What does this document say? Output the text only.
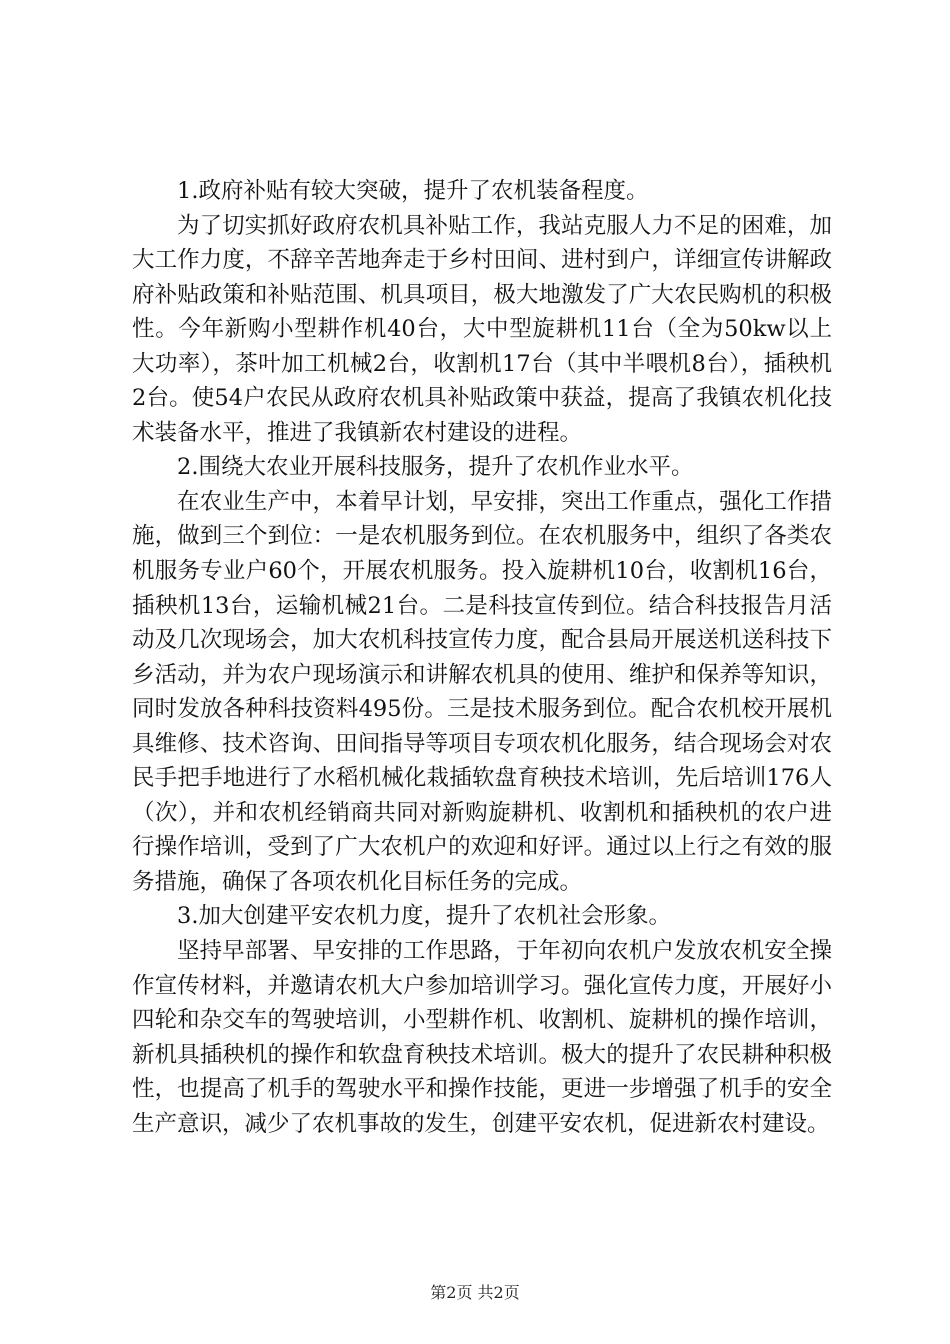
1.政府补贴有较大突破，提升了农机装备程度。

为了切实抓好政府农机具补贴工作，我站克服人力不足的困难，加大工作力度，不辞辛苦地奔走于乡村田间、进村到户，详细宣传讲解政府补贴政策和补贴范围、机具项目，极大地激发了广大农民购机的积极性。今年新购小型耕作机40台，大中型旋耕机11台（全为50kw以上大功率），茶叶加工机械2台，收割机17台（其中半喂机8台），插秧机2台。使54户农民从政府农机具补贴政策中获益，提高了我镇农机化技术装备水平，推进了我镇新农村建设的进程。

2.围绕大农业开展科技服务，提升了农机作业水平。

在农业生产中，本着早计划，早安排，突出工作重点，强化工作措施，做到三个到位：一是农机服务到位。在农机服务中，组织了各类农机服务专业户60个，开展农机服务。投入旋耕机10台，收割机16台，插秧机13台，运输机械21台。二是科技宣传到位。结合科技报告月活动及几次现场会，加大农机科技宣传力度，配合县局开展送机送科技下乡活动，并为农户现场演示和讲解农机具的使用、维护和保养等知识，同时发放各种科技资料495份。三是技术服务到位。配合农机校开展机具维修、技术咨询、田间指导等项目专项农机化服务，结合现场会对农民手把手地进行了水稻机械化栽插软盘育秧技术培训，先后培训176人（次），并和农机经销商共同对新购旋耕机、收割机和插秧机的农户进行操作培训，受到了广大农机户的欢迎和好评。通过以上行之有效的服务措施，确保了各项农机化目标任务的完成。

3.加大创建平安农机力度，提升了农机社会形象。

坚持早部署、早安排的工作思路，于年初向农机户发放农机安全操作宣传材料，并邀请农机大户参加培训学习。强化宣传力度，开展好小四轮和杂交车的驾驶培训，小型耕作机、收割机、旋耕机的操作培训，新机具插秧机的操作和软盘育秧技术培训。极大的提升了农民耕种积极性，也提高了机手的驾驶水平和操作技能，更进一步增强了机手的安全生产意识，减少了农机事故的发生，创建平安农机，促进新农村建设。

第2页 共2页
